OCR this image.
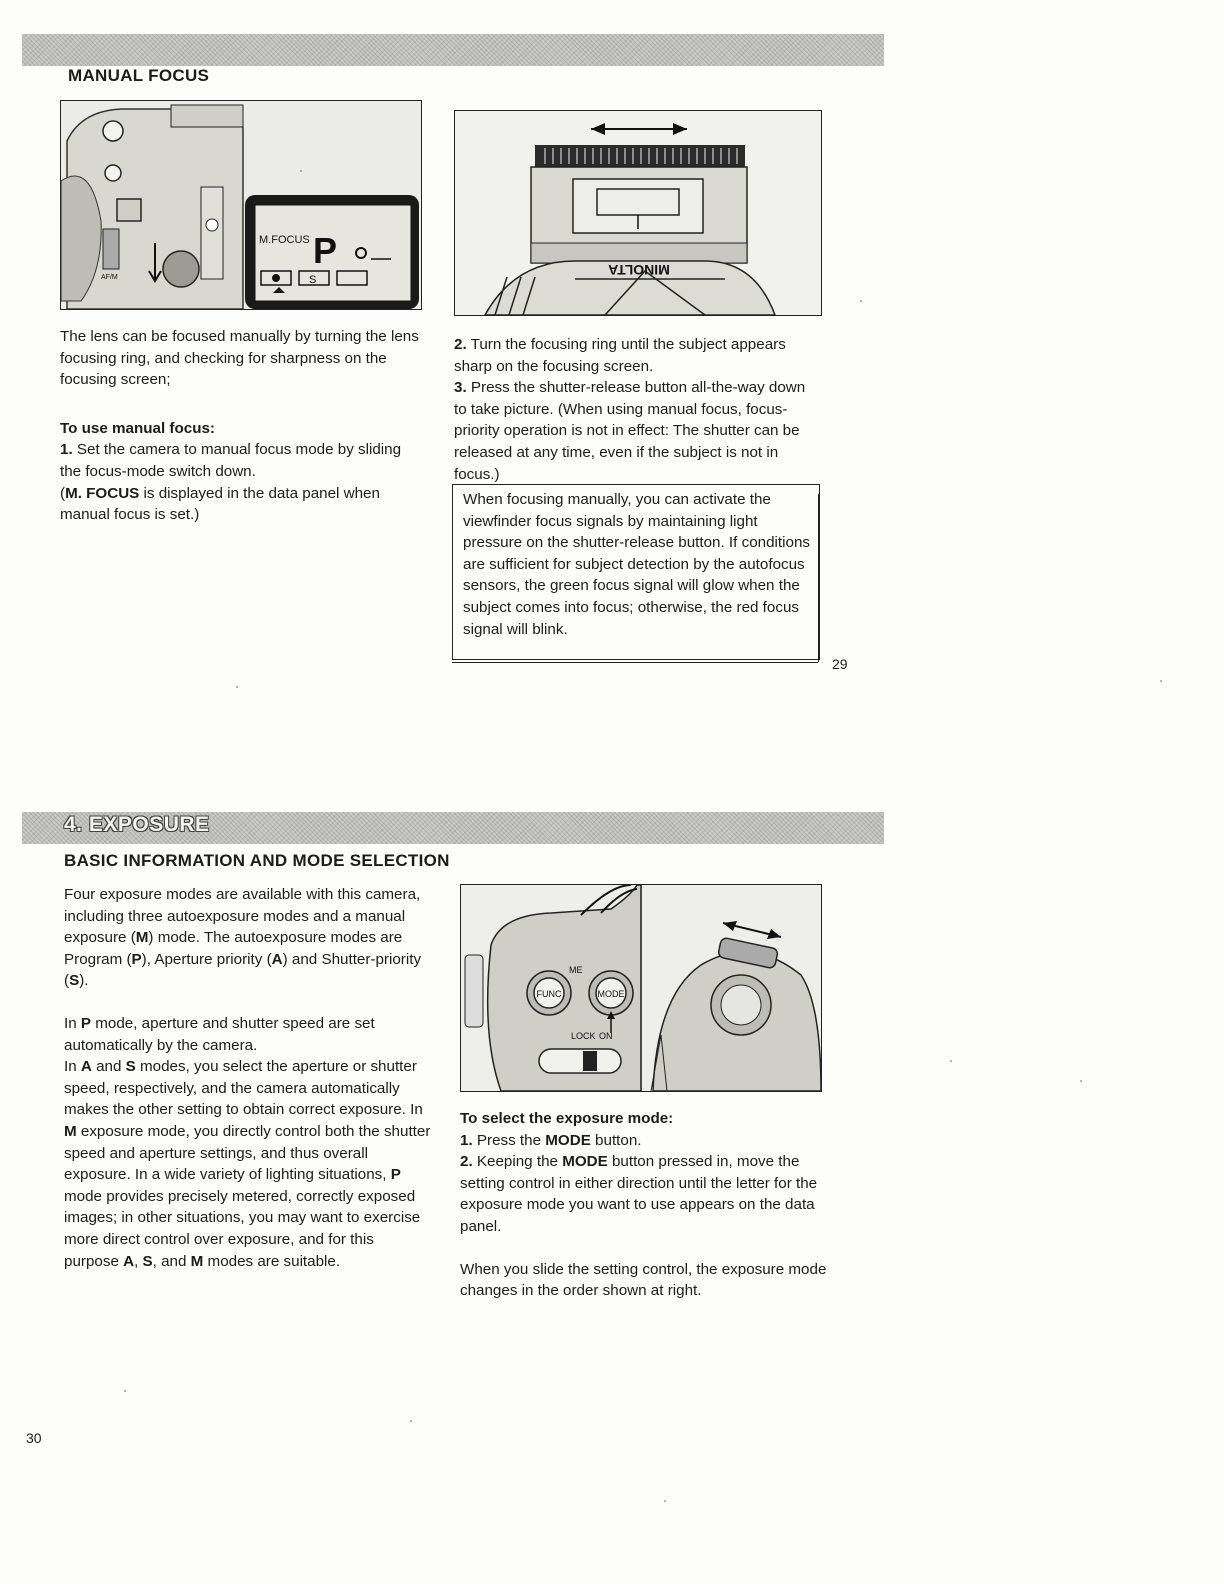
MANUAL FOCUS
AF/M
M.FOCUS P
S
MINOLTA

The lens can be focused manually by turning the lens focusing ring, and checking for sharpness on the focusing screen;

To use manual focus:

1. Set the camera to manual focus mode by sliding the focus-mode switch down.

(M. FOCUS is displayed in the data panel when manual focus is set.)

2. Turn the focusing ring until the subject appears sharp on the focusing screen.

3. Press the shutter-release button all-the-way down to take picture. (When using manual focus, focus-priority operation is not in effect: The shutter can be released at any time, even if the subject is not in focus.)

When focusing manually, you can activate the viewfinder focus signals by maintaining light pressure on the shutter-release button. If conditions are sufficient for subject detection by the autofocus sensors, the green focus signal will glow when the subject comes into focus; otherwise, the red focus signal will blink.
29
4. EXPOSURE
BASIC INFORMATION AND MODE SELECTION

Four exposure modes are available with this camera, including three autoexposure modes and a manual exposure (M) mode. The autoexposure modes are Program (P), Aperture priority (A) and Shutter-priority (S).

In P mode, aperture and shutter speed are set automatically by the camera.

In A and S modes, you select the aperture or shutter speed, respectively, and the camera automatically makes the other setting to obtain correct exposure. In M exposure mode, you directly control both the shutter speed and aperture settings, and thus overall exposure. In a wide variety of lighting situations, P mode provides precisely metered, correctly exposed images; in other situations, you may want to exercise more direct control over exposure, and for this purpose A, S, and M modes are suitable.

FUNC	MODE
ME
LOCK ON

To select the exposure mode:

1. Press the MODE button.

2. Keeping the MODE button pressed in, move the setting control in either direction until the letter for the exposure mode you want to use appears on the data panel.

When you slide the setting control, the exposure mode changes in the order shown at right.

30
